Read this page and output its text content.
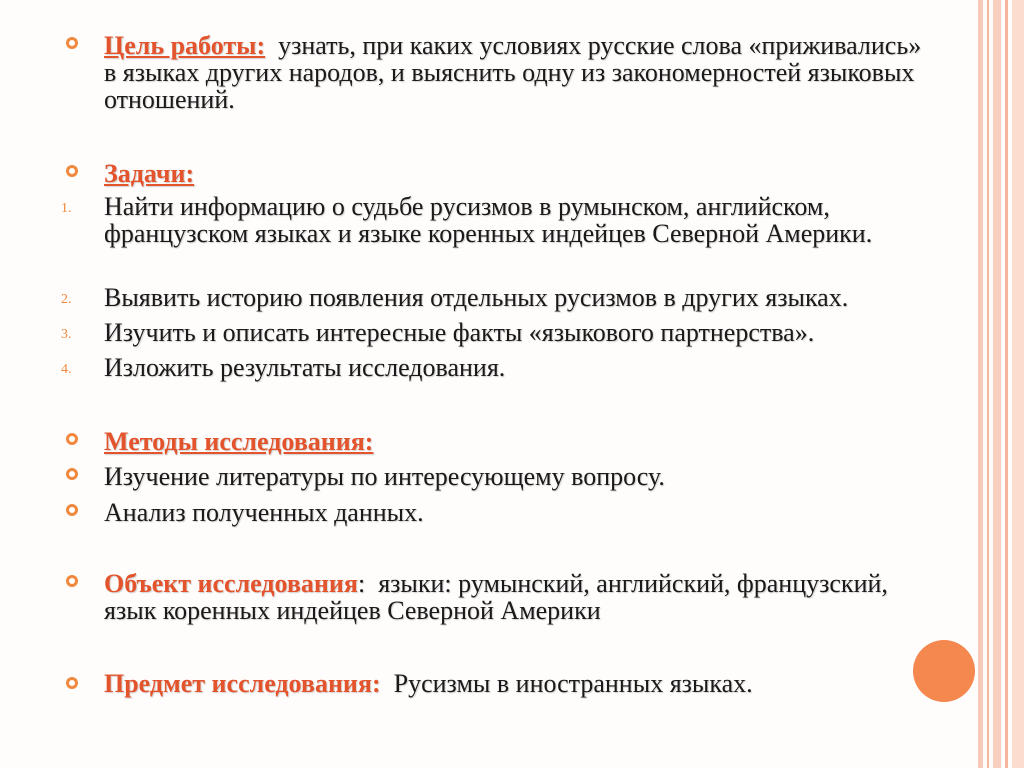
Цель работы: узнать, при каких условиях русские слова «приживались» в языках других народов, и выяснить одну из закономерностей языковых отношений.
Задачи:
1. Найти информацию о судьбе русизмов в румынском, английском, французском языках и языке коренных индейцев Северной Америки.
2. Выявить историю появления отдельных русизмов в других языках.
3. Изучить и описать интересные факты «языкового партнерства».
4. Изложить результаты исследования.
Методы исследования:
Изучение литературы по интересующему вопросу.
Анализ полученных данных.
Объект исследования: языки: румынский, английский, французский, язык коренных индейцев Северной Америки
Предмет исследования: Русизмы в иностранных языках.
